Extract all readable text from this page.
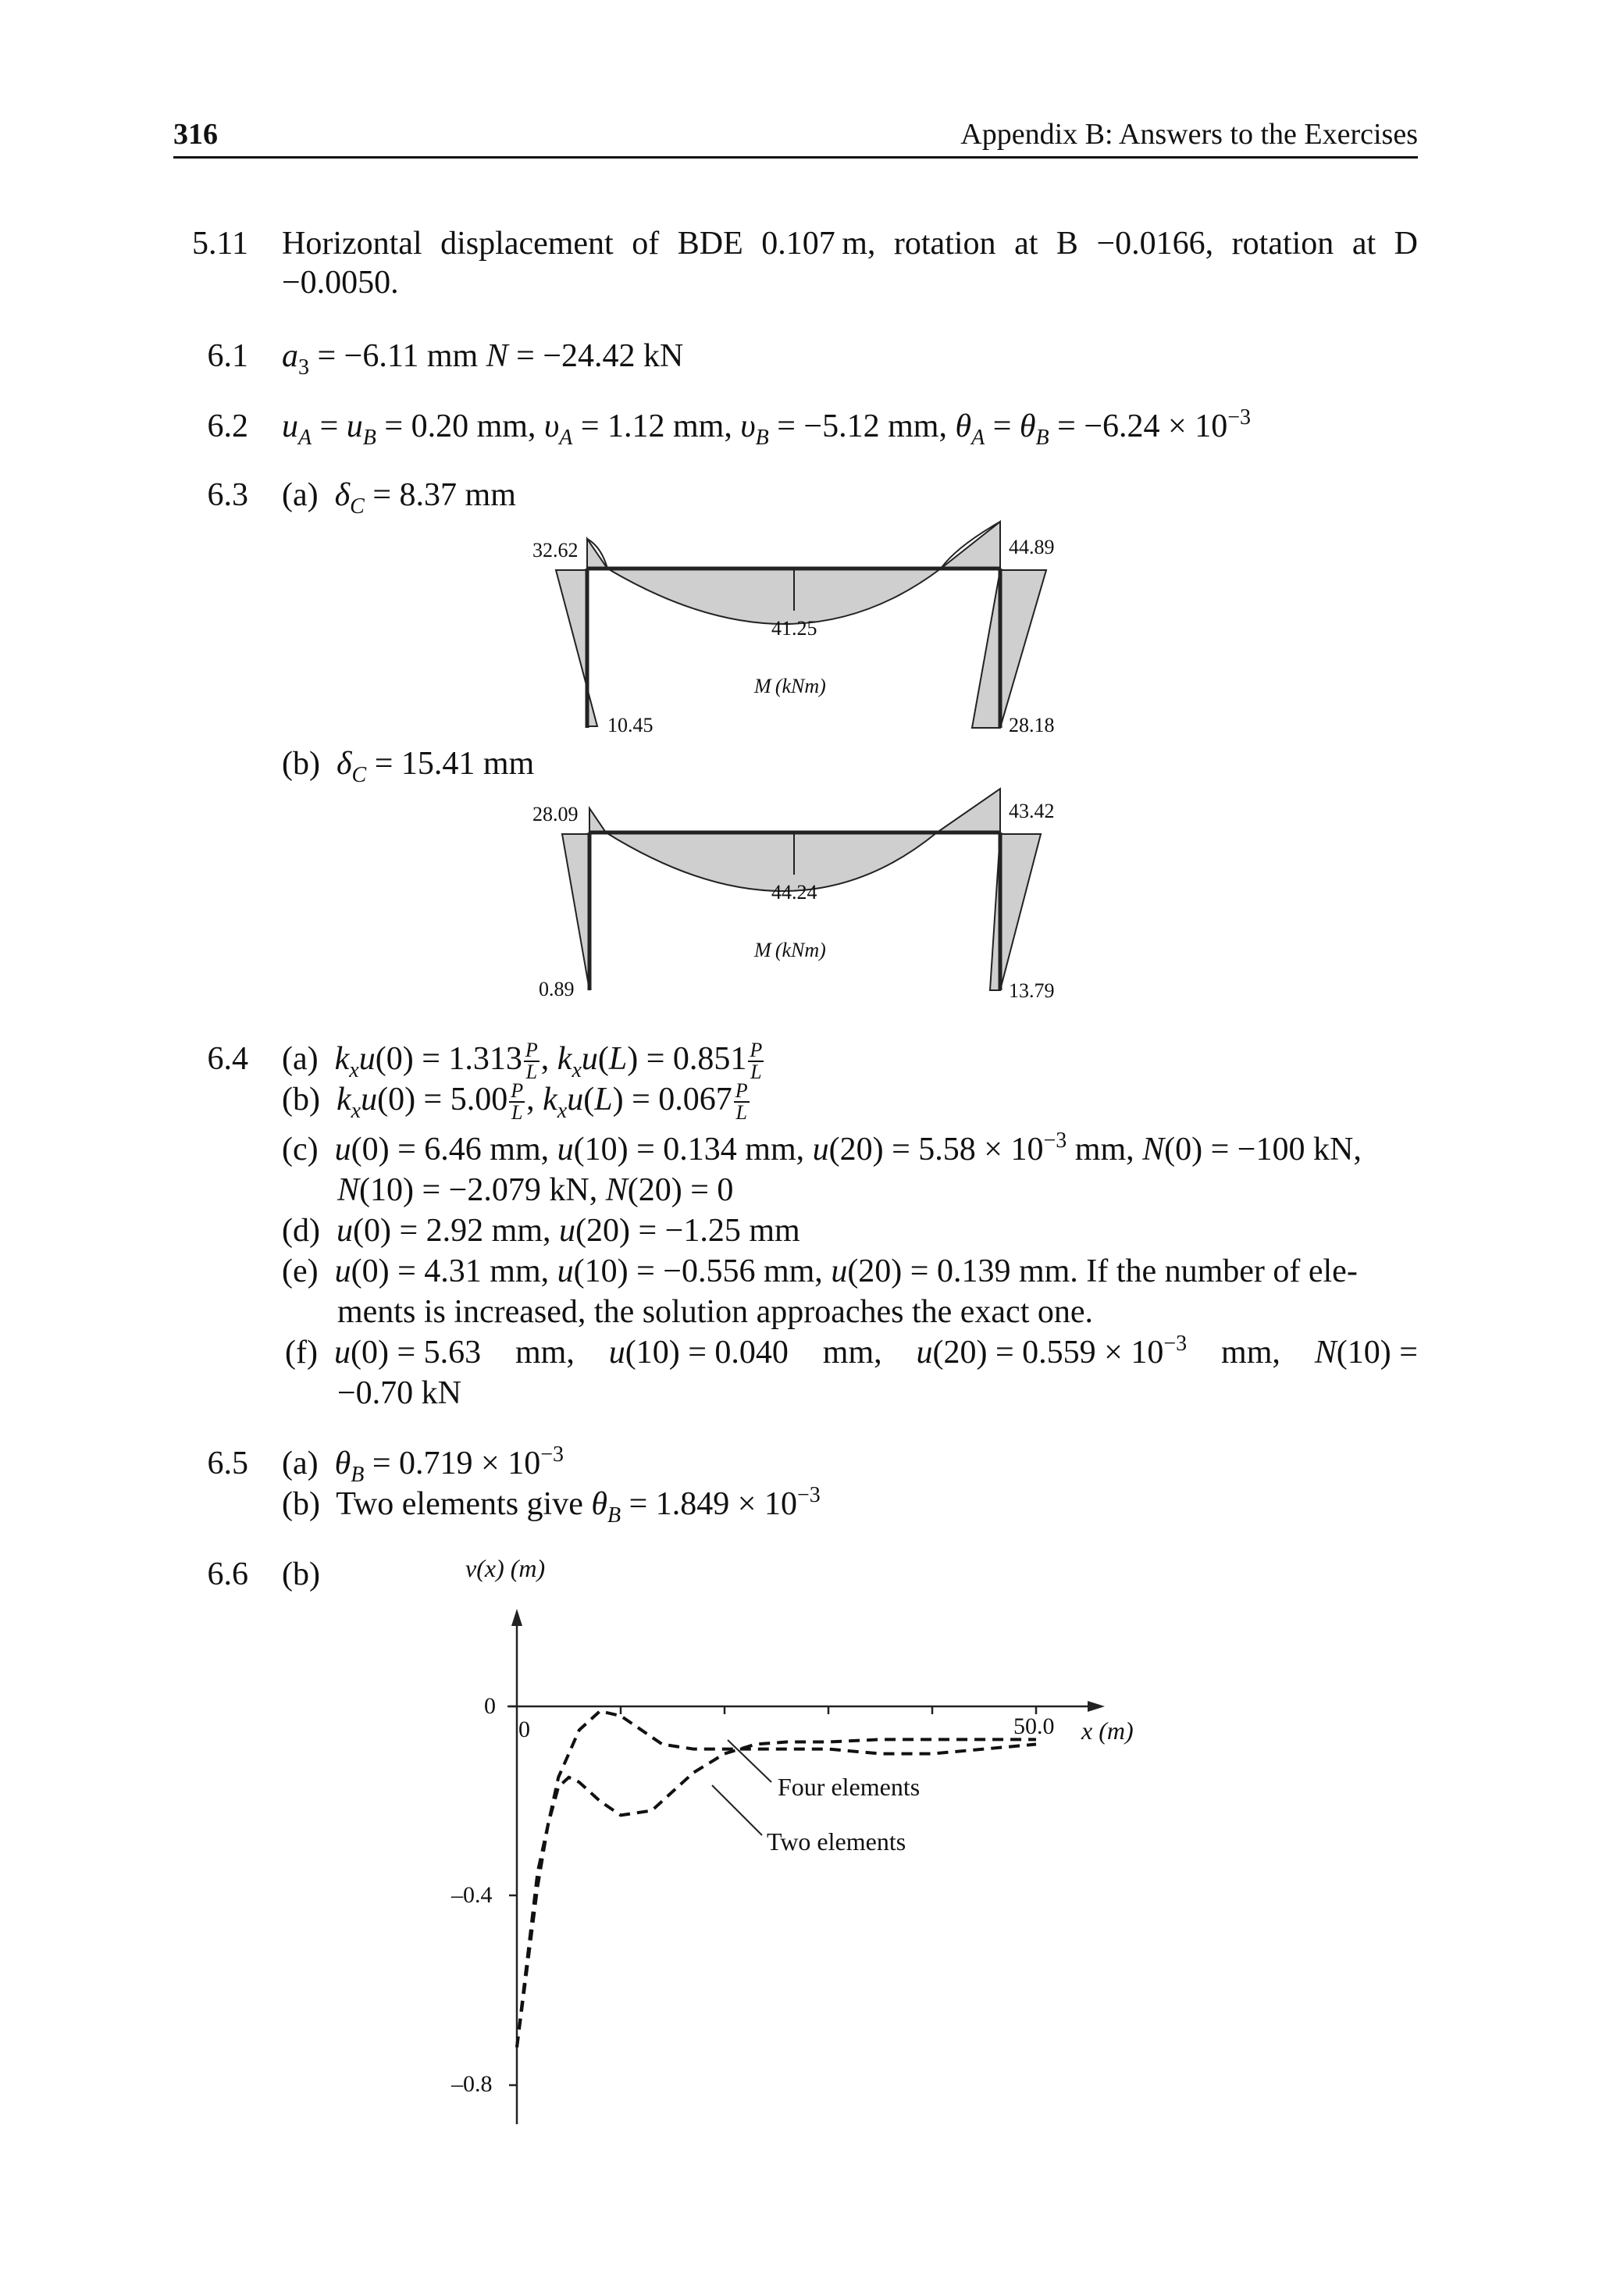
316	Appendix B: Answers to the Exercises
5.11 Horizontal displacement of BDE 0.107 m, rotation at B −0.0166, rotation at D
−0.0050.
6.1 $a_3 = -6.11$ mm N = −24.42 kN
6.2 $u_A = u_B = 0.20$ mm, $\upsilon_A = 1.12$ mm, $\upsilon_B = -5.12$ mm, $\theta_A = \theta_B = -6.24 \times 10^{-3}$
6.3 (a) $\delta_C = 8.37$ mm
32.62	44.89
41.25
M (kNm)
10.45	28.18
(b) $\delta_C = 15.41$ mm
28.09	43.42
44.24
M (kNm)
0.89	13.79
6.4 (a)  $k_xu(0) = 1.313 \frac{P}{L}$ , $k_xu(L) = 0.851 \frac{P}{L}$
(b)  $k_xu(0) = 5.00 \frac{P}{L}$ , $k_xu(L) = 0.067 \frac{P}{L}$
(c)  u(0) = 6.46 mm, u(10) = 0.134 mm, $u(20) = 5.58 \times 10^{-3}$ mm, N(0) = −100 kN,
N(10) = −2.079 kN, N(20) = 0
(d)  u(0) = 2.92 mm, u(20) = −1.25 mm
(e)  u(0) = 4.31 mm, u(10) = −0.556 mm, u(20) = 0.139 mm. If the number of ele-
ments is increased, the solution approaches the exact one.
(f)  u(0) = 5.63 mm, u(10) = 0.040 mm, $u(20) = 0.559 \times 10^{-3}$ mm, N(10) =
−0.70 kN
6.5 (a)  $\theta_B = 0.719 \times 10^{-3}$
(b)  Two elements give $\theta_B = 1.849 \times 10^{-3}$
6.6 (b)	v(x) (m)
x (m)
0
–0.4
–0.8
0	50.0
Four elements
Two elements
